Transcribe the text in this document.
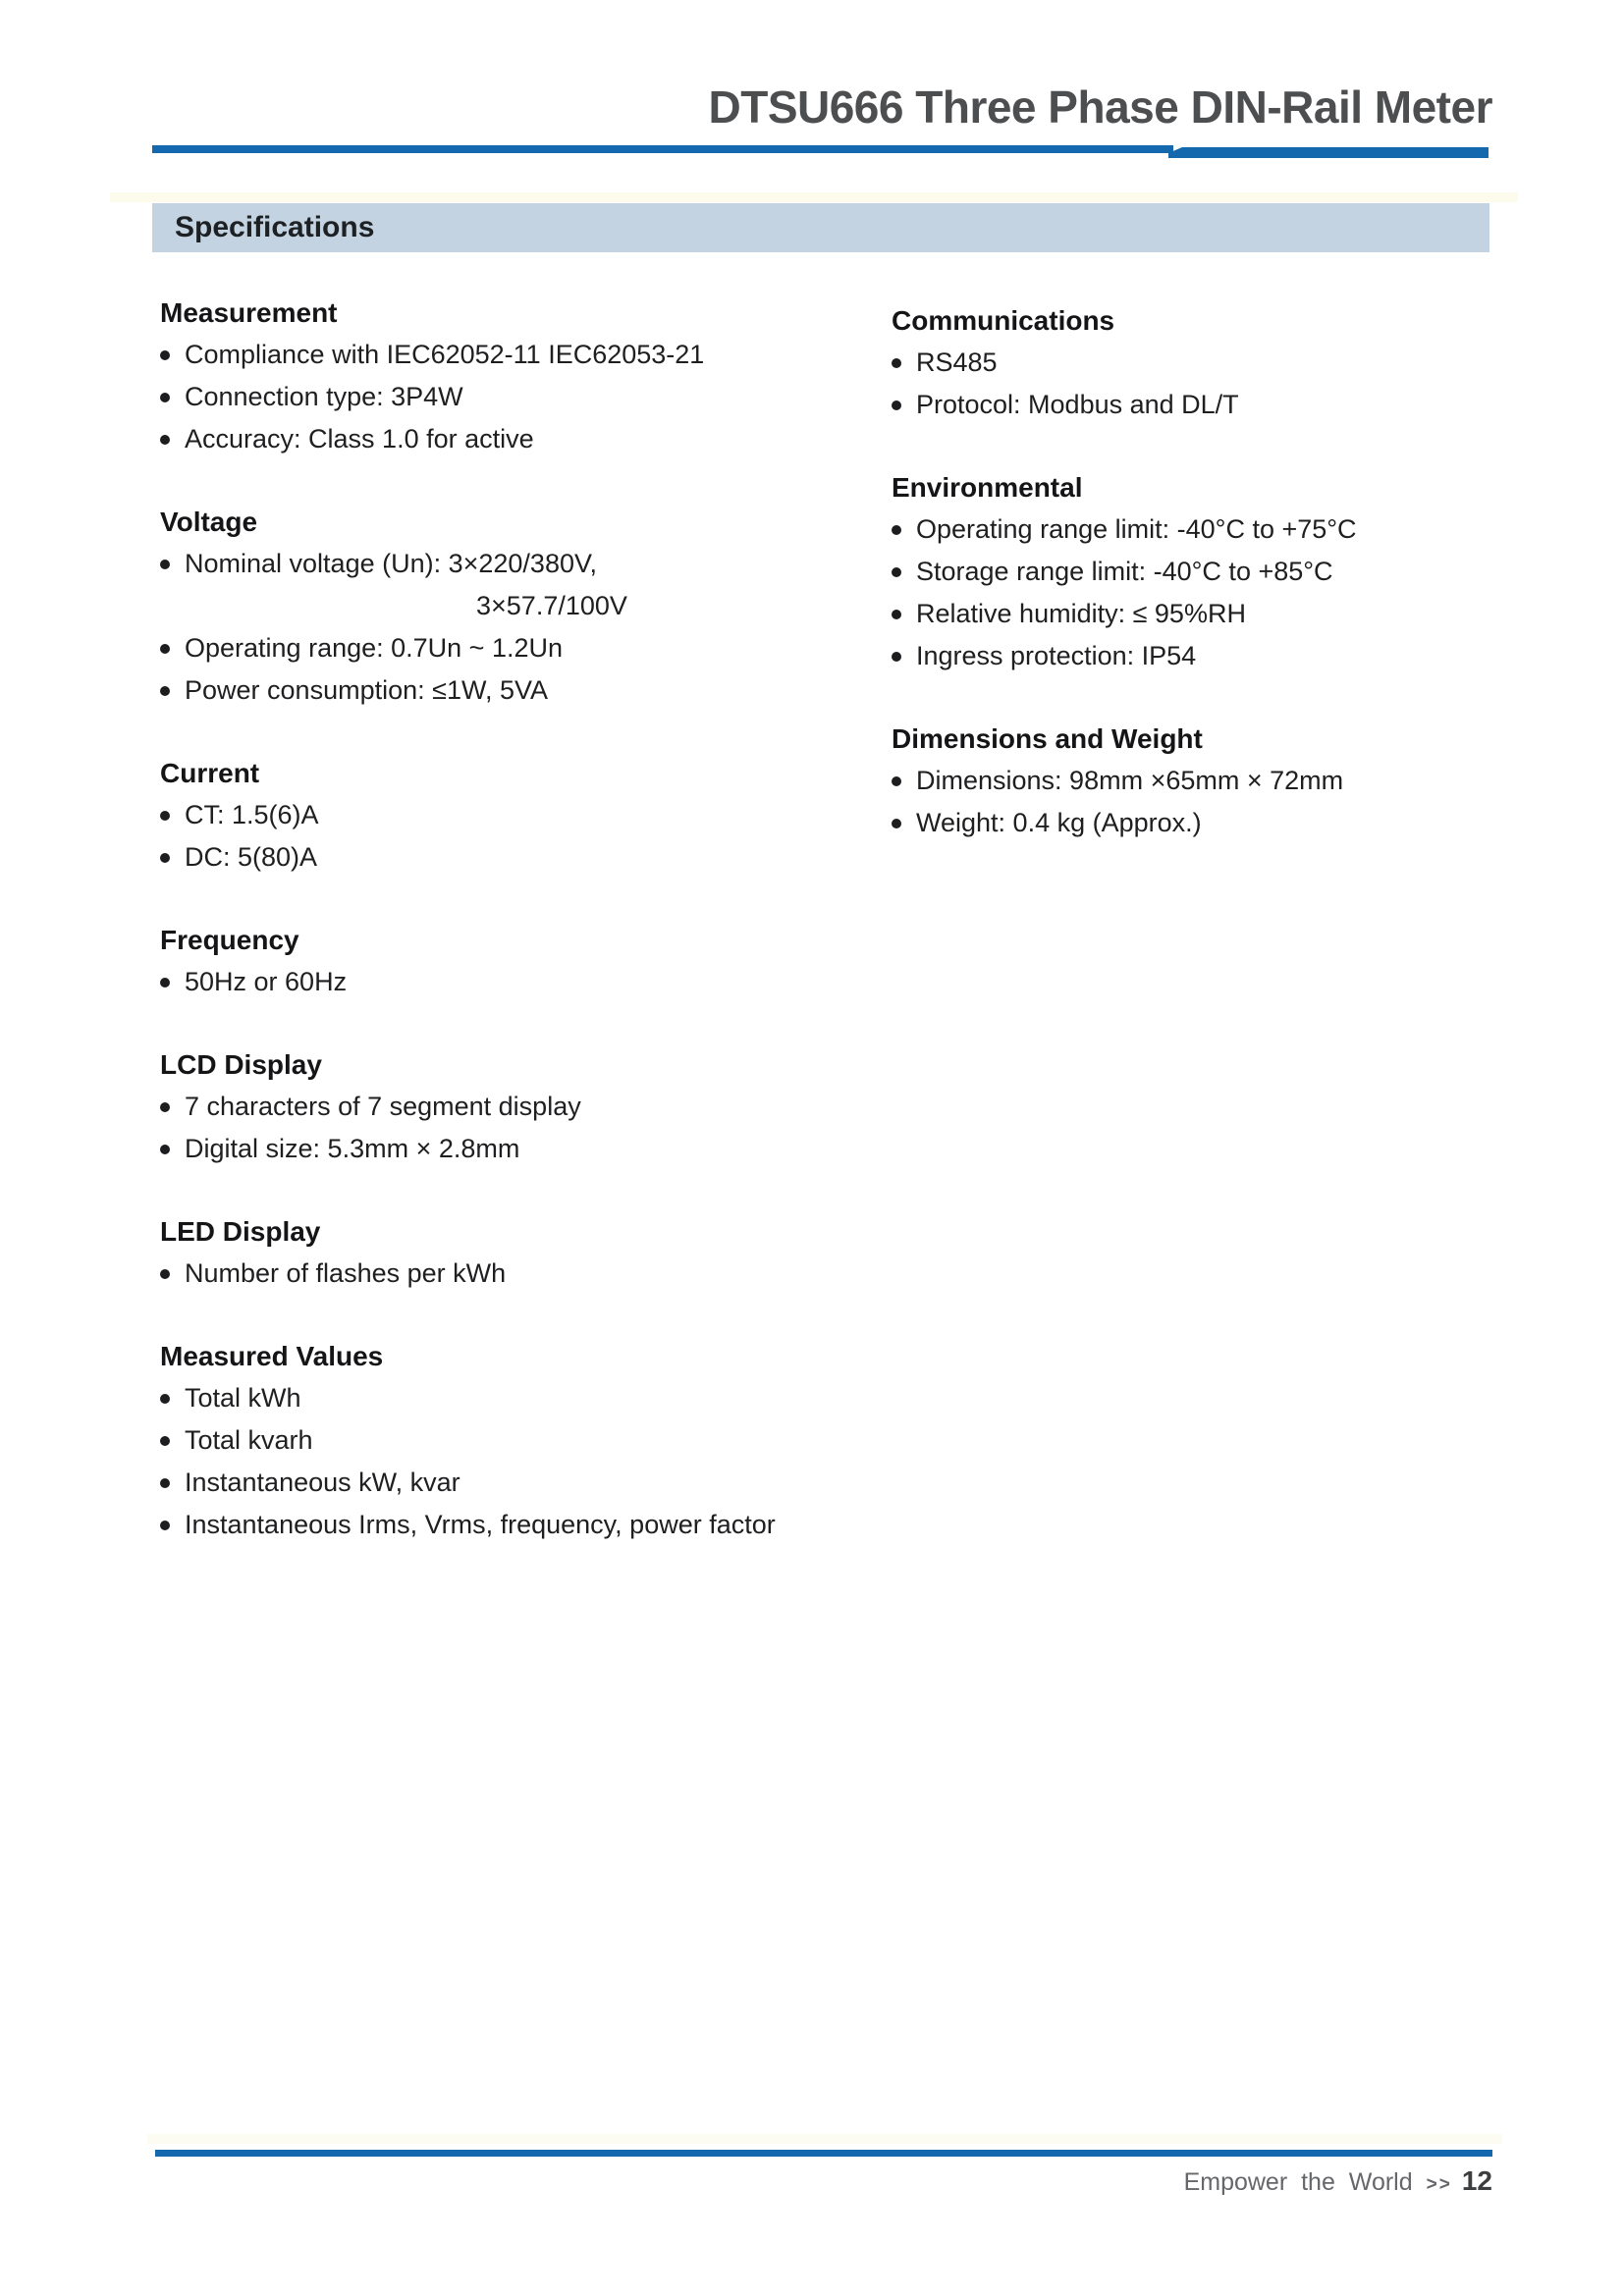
DTSU666 Three Phase DIN-Rail Meter
Specifications
Measurement
Compliance with IEC62052-11 IEC62053-21
Connection type: 3P4W
Accuracy: Class 1.0 for active
Voltage
Nominal voltage (Un): 3×220/380V,
3×57.7/100V
Operating range: 0.7Un ~ 1.2Un
Power consumption: ≤1W, 5VA
Current
CT: 1.5(6)A
DC: 5(80)A
Frequency
50Hz or 60Hz
LCD Display
7 characters of 7 segment display
Digital size: 5.3mm × 2.8mm
LED Display
Number of flashes per kWh
Measured Values
Total kWh
Total kvarh
Instantaneous kW, kvar
Instantaneous Irms, Vrms, frequency, power factor
Communications
RS485
Protocol: Modbus and DL/T
Environmental
Operating range limit: -40°C to +75°C
Storage range limit: -40°C to +85°C
Relative humidity: ≤ 95%RH
Ingress protection: IP54
Dimensions and Weight
Dimensions: 98mm ×65mm × 72mm
Weight: 0.4 kg (Approx.)
Empower the World >> 12
